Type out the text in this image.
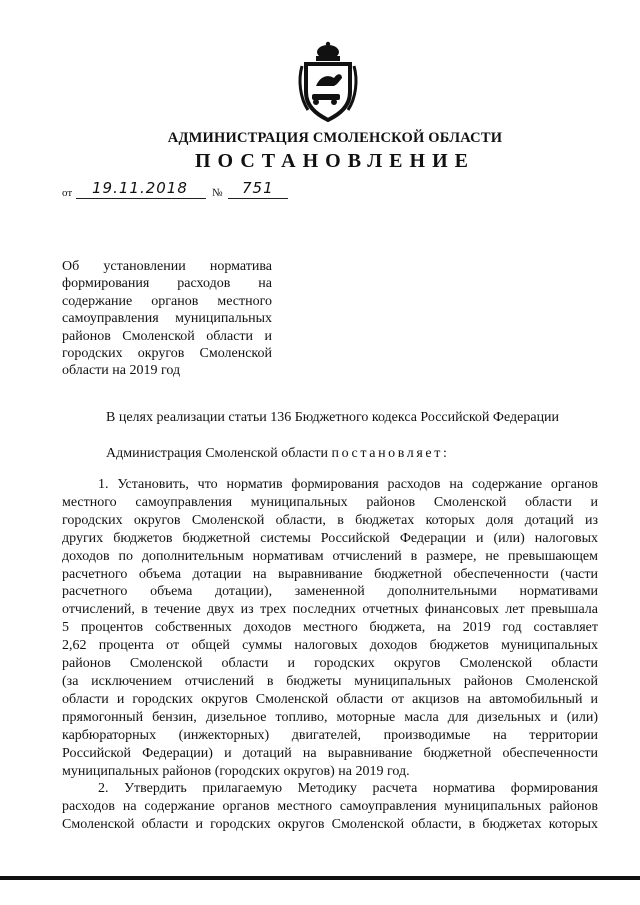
АДМИНИСТРАЦИЯ СМОЛЕНСКОЙ ОБЛАСТИ
ПОСТАНОВЛЕНИЕ
от 19.11.2018 № 751
Об установлении норматива
формирования расходов на
содержание органов местного
самоуправления муниципальных
районов Смоленской области и
городских округов Смоленской
области на 2019 год
В целях реализации статьи 136 Бюджетного кодекса Российской Федерации
Администрация Смоленской области постановляет:
1. Установить, что норматив формирования расходов на содержание органов
местного самоуправления муниципальных районов Смоленской области и
городских округов Смоленской области, в бюджетах которых доля дотаций из
других бюджетов бюджетной системы Российской Федерации и (или) налоговых
доходов по дополнительным нормативам отчислений в размере, не превышающем
расчетного объема дотации на выравнивание бюджетной обеспеченности (части
расчетного объема дотации), замененной дополнительными нормативами
отчислений, в течение двух из трех последних отчетных финансовых лет превышала
5 процентов собственных доходов местного бюджета, на 2019 год составляет
2,62 процента от общей суммы налоговых доходов бюджетов муниципальных
районов Смоленской области и городских округов Смоленской области
(за исключением отчислений в бюджеты муниципальных районов Смоленской
области и городских округов Смоленской области от акцизов на автомобильный и
прямогонный бензин, дизельное топливо, моторные масла для дизельных и (или)
карбюраторных (инжекторных) двигателей, производимые на территории
Российской Федерации) и дотаций на выравнивание бюджетной обеспеченности
муниципальных районов (городских округов) на 2019 год.
2. Утвердить прилагаемую Методику расчета норматива формирования
расходов на содержание органов местного самоуправления муниципальных районов
Смоленской области и городских округов Смоленской области, в бюджетах которых
